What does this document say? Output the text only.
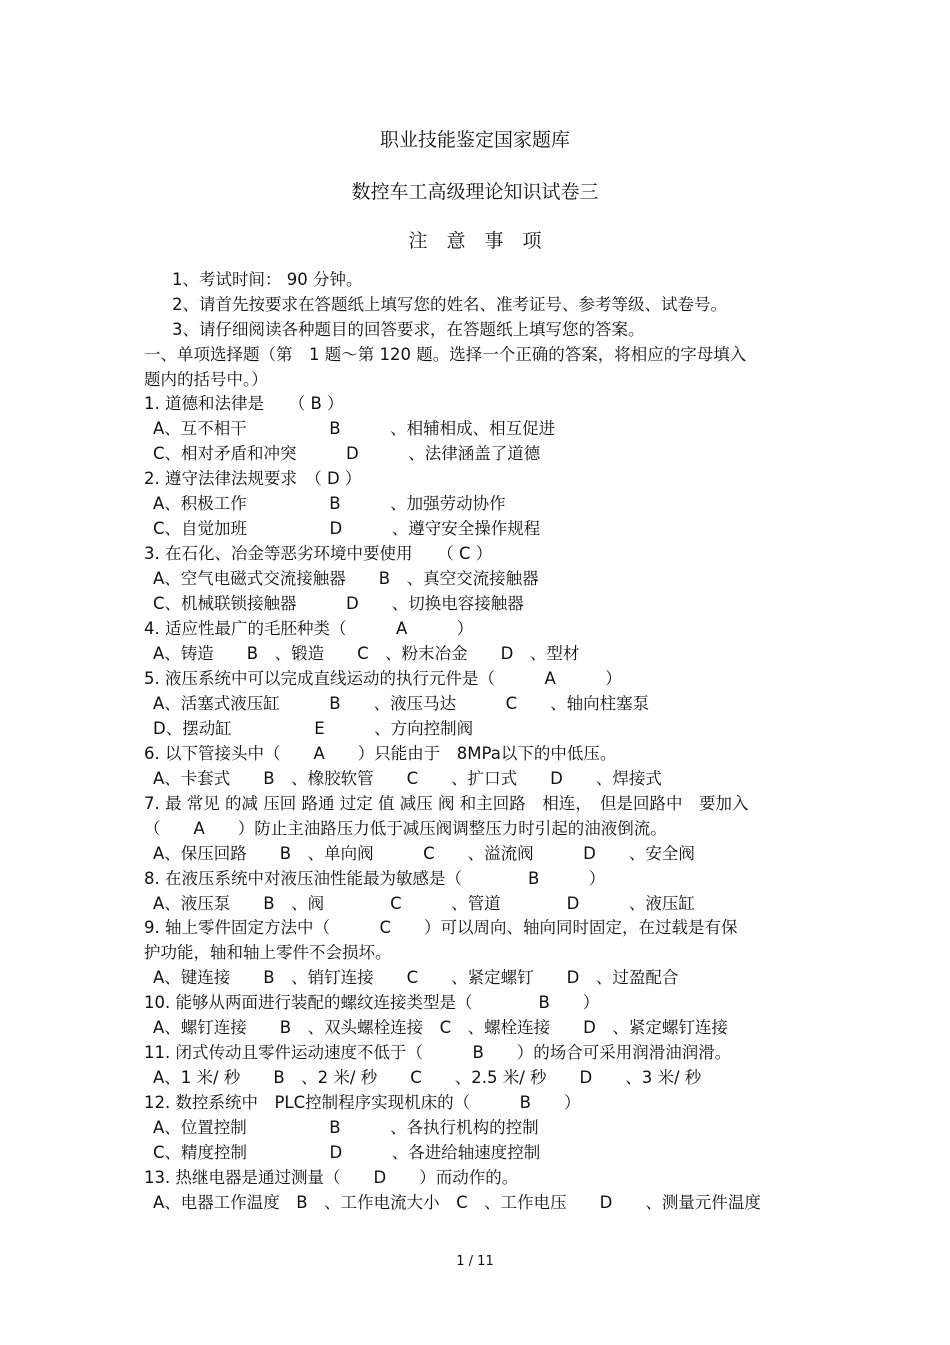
职业技能鉴定国家题库
数控车工高级理论知识试卷三
注　意　事　项
1、考试时间： 90 分钟。
2、请首先按要求在答题纸上填写您的姓名、准考证号、参考等级、试卷号。
3、请仔细阅读各种题目的回答要求，在答题纸上填写您的答案。
一、单项选择题（第　1 题～第 120 题。选择一个正确的答案，将相应的字母填入
题内的括号中。）
1. 道德和法律是　　（ B ）
A、互不相干　　　　　B　　　、相辅相成、相互促进
C、相对矛盾和冲突　　　D　　　、法律涵盖了道德
2. 遵守法律法规要求　（ D ）
A、积极工作　　　　　B　　　、加强劳动协作
C、自觉加班　　　　　D　　　、遵守安全操作规程
3. 在石化、冶金等恶劣环境中要使用　　（ C ）
A、空气电磁式交流接触器　　B　、真空交流接触器
C、机械联锁接触器　　　D　　、切换电容接触器
4. 适应性最广的毛胚种类（　　　A　　　）
A、铸造　　B　、锻造　　C　、粉末冶金　　D　、型材
5. 液压系统中可以完成直线运动的执行元件是（　　　A　　　）
A、活塞式液压缸　　　B　　、液压马达　　　C　　、轴向柱塞泵
D、摆动缸　　　　　E　　　、方向控制阀
6. 以下管接头中（　　A　　）只能由于　8MPa以下的中低压。
A、卡套式　　B　、橡胶软管　　C　　、扩口式　　D　　、焊接式
7. 最 常见 的减 压回 路通 过定 值 减压 阀 和主回路　相连，　但是回路中　要加入
（　　A　　）防止主油路压力低于减压阀调整压力时引起的油液倒流。
A、保压回路　　B　、单向阀　　　C　　、溢流阀　　　D　　、安全阀
8. 在液压系统中对液压油性能最为敏感是（　　　　B　　　）
A、液压泵　　B　、阀　　　　C　　　、管道　　　　D　　　、液压缸
9. 轴上零件固定方法中（　　　C　　）可以周向、轴向同时固定，在过载是有保
护功能，轴和轴上零件不会损坏。
A、键连接　　B　、销钉连接　　C　　、紧定螺钉　　D　、过盈配合
10. 能够从两面进行装配的螺纹连接类型是（　　　　B　　）
A、螺钉连接　　B　、双头螺栓连接　C　、螺栓连接　　D　、紧定螺钉连接
11. 闭式传动且零件运动速度不低于（　　　B　　）的场合可采用润滑油润滑。
A、1 米/ 秒　　B　、2 米/ 秒　　C　　、2.5 米/ 秒　　D　　、3 米/ 秒
12. 数控系统中　PLC控制程序实现机床的（　　　B　　）
A、位置控制　　　　　B　　　、各执行机构的控制
C、精度控制　　　　　D　　　、各进给轴速度控制
13. 热继电器是通过测量（　　D　　）而动作的。
A、电器工作温度　B　、工作电流大小　C　、工作电压　　D　　、测量元件温度
1 / 11
